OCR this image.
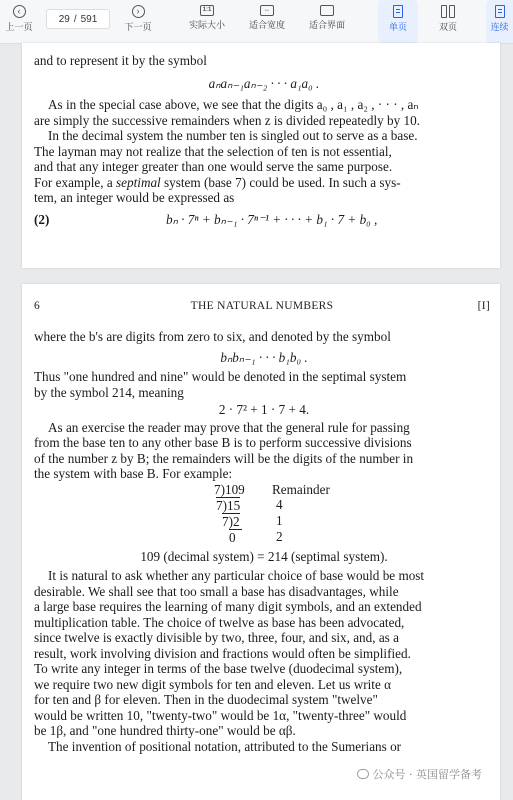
‹
上一页
29 / 591
›
下一页
1:1
实际大小
↔
适合宽度	适合界面	单页	双页	连续

and to represent it by the symbol

aₙaₙ₋₁aₙ₋₂ · · · a₁a₀ .

As in the special case above, we see that the digits a₀ , a₁ , a₂ , · · · , aₙ

are simply the successive remainders when z is divided repeatedly by 10.

In the decimal system the number ten is singled out to serve as a base.

The layman may not realize that the selection of ten is not essential,

and that any integer greater than one would serve the same purpose.

For example, a septimal system (base 7) could be used. In such a sys-

tem, an integer would be expressed as

(2)	bₙ · 7ⁿ + bₙ₋₁ · 7ⁿ⁻¹ + · · · + b₁ · 7 + b₀ ,
6	THE NATURAL NUMBERS	[I]

where the b's are digits from zero to six, and denoted by the symbol

bₙbₙ₋₁ · · · b₁b₀ .

Thus "one hundred and nine" would be denoted in the septimal system

by the symbol 214, meaning

2 · 7² + 1 · 7 + 4.

As an exercise the reader may prove that the general rule for passing

from the base ten to any other base B is to perform successive divisions

of the number z by B; the remainders will be the digits of the number in

the system with base B. For example:

7)109 Remainder
7)15	4
7)2	1
0	2

109 (decimal system) = 214 (septimal system).

It is natural to ask whether any particular choice of base would be most

desirable. We shall see that too small a base has disadvantages, while

a large base requires the learning of many digit symbols, and an extended

multiplication table. The choice of twelve as base has been advocated,

since twelve is exactly divisible by two, three, four, and six, and, as a

result, work involving division and fractions would often be simplified.

To write any integer in terms of the base twelve (duodecimal system),

we require two new digit symbols for ten and eleven. Let us write α

for ten and β for eleven. Then in the duodecimal system "twelve"

would be written 10, "twenty-two" would be 1α, "twenty-three" would

be 1β, and "one hundred thirty-one" would be αβ.

The invention of positional notation, attributed to the Sumerians or

公众号 · 英国留学备考
